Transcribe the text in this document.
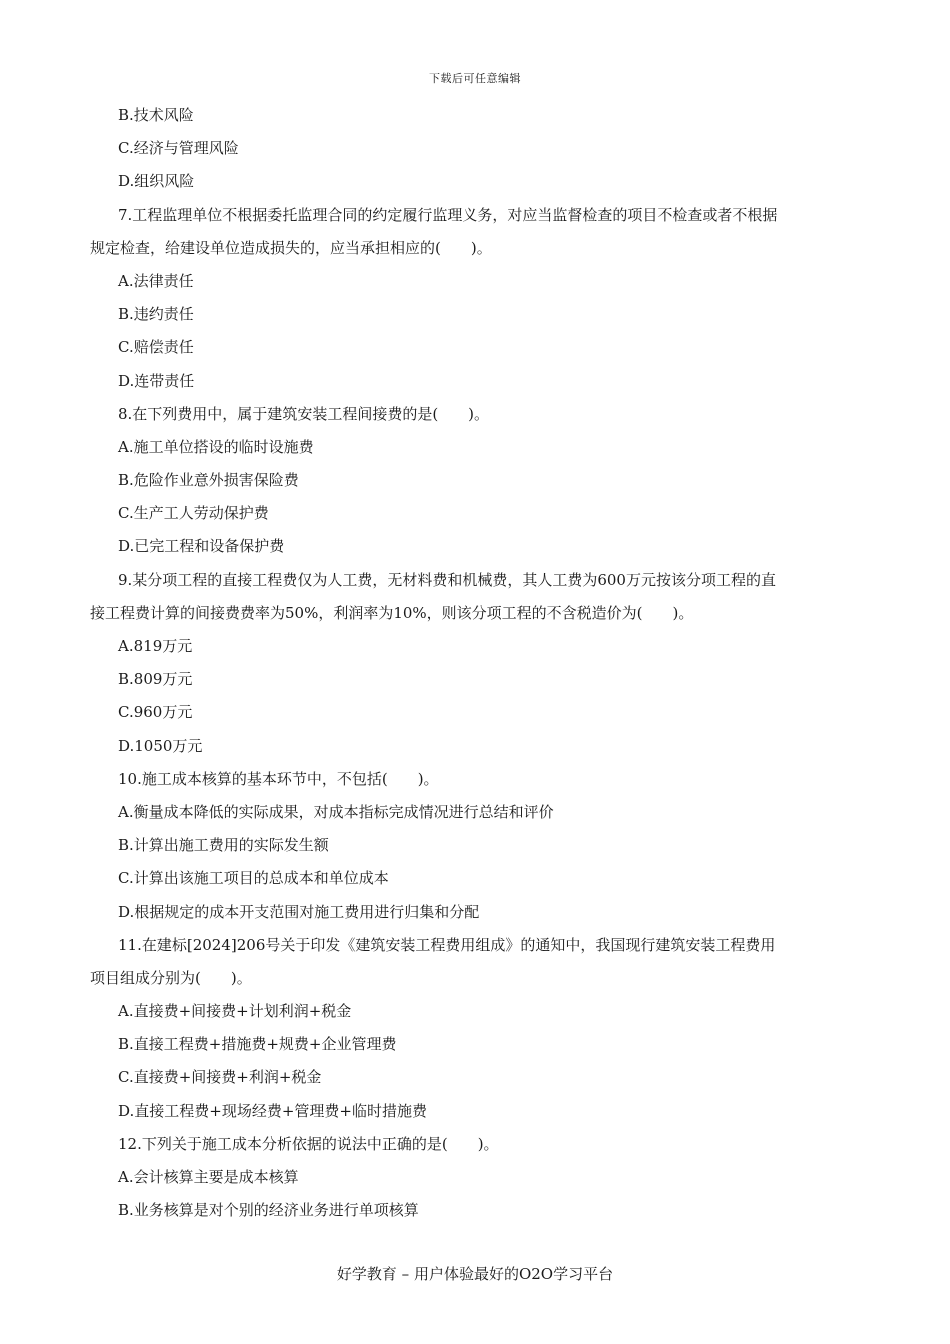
下载后可任意编辑
B.技术风险
C.经济与管理风险
D.组织风险
7.工程监理单位不根据委托监理合同的约定履行监理义务，对应当监督检查的项目不检查或者不根据
规定检查，给建设单位造成损失的，应当承担相应的(　　)。
A.法律责任
B.违约责任
C.赔偿责任
D.连带责任
8.在下列费用中，属于建筑安装工程间接费的是(　　)。
A.施工单位搭设的临时设施费
B.危险作业意外损害保险费
C.生产工人劳动保护费
D.已完工程和设备保护费
9.某分项工程的直接工程费仅为人工费，无材料费和机械费，其人工费为600万元按该分项工程的直
接工程费计算的间接费费率为50%，利润率为10%，则该分项工程的不含税造价为(　　)。
A.819万元
B.809万元
C.960万元
D.1050万元
10.施工成本核算的基本环节中，不包括(　　)。
A.衡量成本降低的实际成果，对成本指标完成情况进行总结和评价
B.计算出施工费用的实际发生额
C.计算出该施工项目的总成本和单位成本
D.根据规定的成本开支范围对施工费用进行归集和分配
11.在建标[2024]206号关于印发《建筑安装工程费用组成》的通知中，我国现行建筑安装工程费用
项目组成分别为(　　)。
A.直接费+间接费+计划利润+税金
B.直接工程费+措施费+规费+企业管理费
C.直接费+间接费+利润+税金
D.直接工程费+现场经费+管理费+临时措施费
12.下列关于施工成本分析依据的说法中正确的是(　　)。
A.会计核算主要是成本核算
B.业务核算是对个别的经济业务进行单项核算
好学教育 – 用户体验最好的O2O学习平台
